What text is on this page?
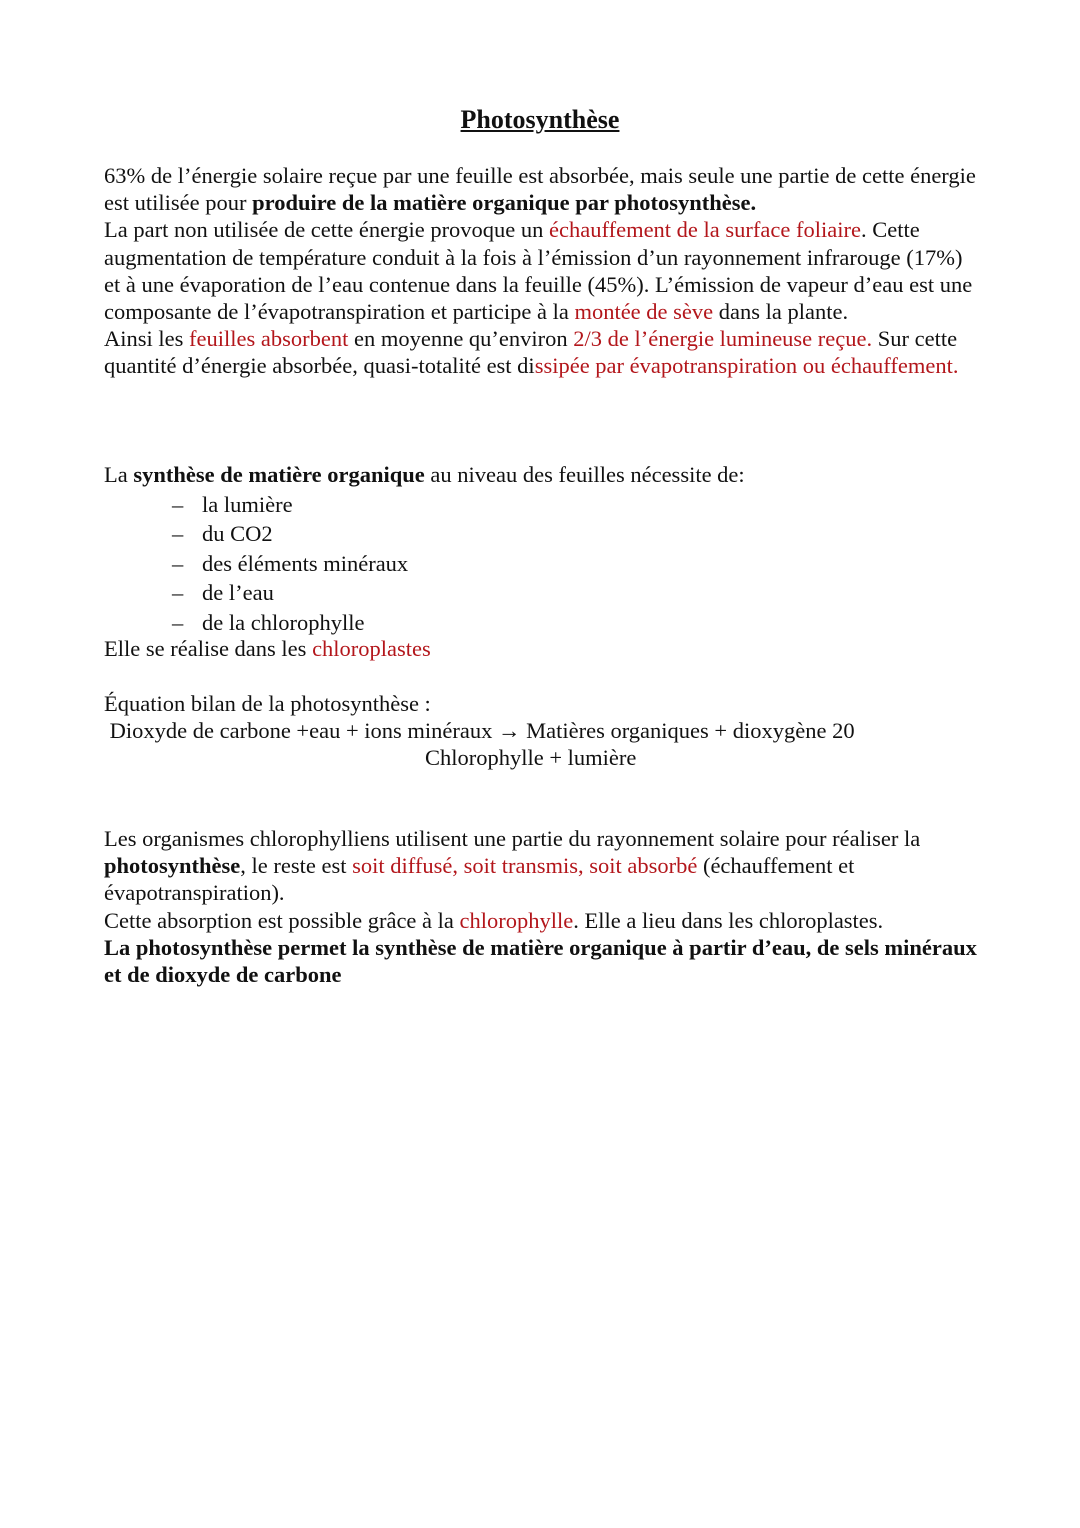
Photosynthèse
63% de l’énergie solaire reçue par une feuille est absorbée, mais seule une partie de cette énergie est utilisée pour produire de la matière organique par photosynthèse.
La part non utilisée de cette énergie provoque un échauffement de la surface foliaire. Cette augmentation de température conduit à la fois à l’émission d’un rayonnement infrarouge (17%) et à une évaporation de l’eau contenue dans la feuille (45%). L’émission de vapeur d’eau est une composante de l’évapotranspiration et participe à la montée de sève dans la plante.
Ainsi les feuilles absorbent en moyenne qu’environ 2/3 de l’énergie lumineuse reçue. Sur cette quantité d’énergie absorbée, quasi-totalité est dissipée par évapotranspiration ou échauffement.
La synthèse de matière organique au niveau des feuilles nécessite de:
– la lumière
– du CO2
– des éléments minéraux
– de l’eau
– de la chlorophylle
Elle se réalise dans les chloroplastes
Équation bilan de la photosynthèse :
Dioxyde de carbone +eau + ions minéraux → Matières organiques + dioxygène 20
Chlorophylle + lumière
Les organismes chlorophylliens utilisent une partie du rayonnement solaire pour réaliser la photosynthèse, le reste est soit diffusé, soit transmis, soit absorbé (échauffement et évapotranspiration).
Cette absorption est possible grâce à la chlorophylle. Elle a lieu dans les chloroplastes.
La photosynthèse permet la synthèse de matière organique à partir d’eau, de sels minéraux et de dioxyde de carbone
